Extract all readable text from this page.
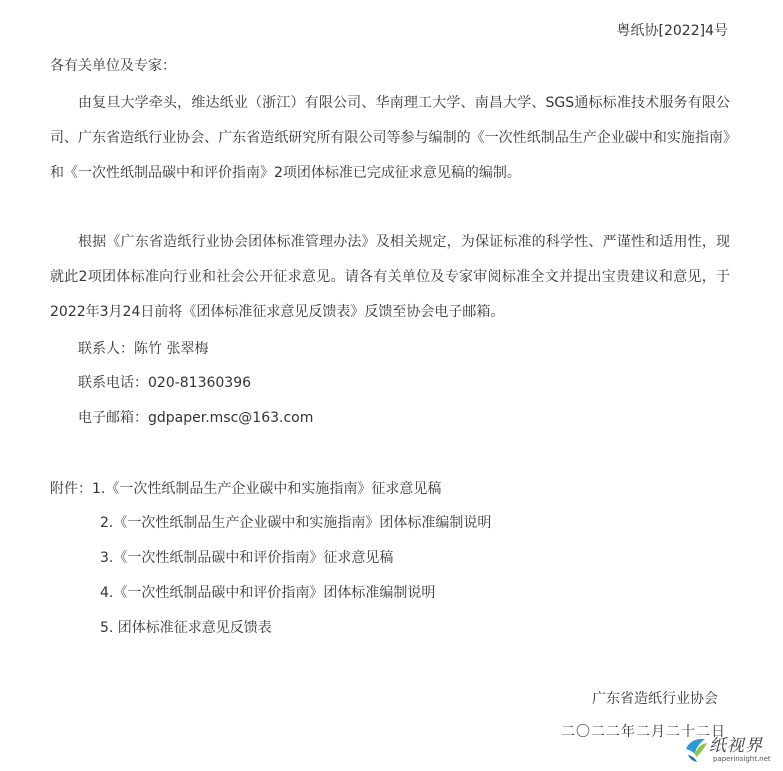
粤纸协[2022]4号
各有关单位及专家：

由复旦大学牵头，维达纸业（浙江）有限公司、华南理工大学、南昌大学、SGS通标标准技术服务有限公司、广东省造纸行业协会、广东省造纸研究所有限公司等参与编制的《一次性纸制品生产企业碳中和实施指南》和《一次性纸制品碳中和评价指南》2项团体标准已完成征求意见稿的编制。

根据《广东省造纸行业协会团体标准管理办法》及相关规定，为保证标准的科学性、严谨性和适用性，现就此2项团体标准向行业和社会公开征求意见。请各有关单位及专家审阅标准全文并提出宝贵建议和意见，于2022年3月24日前将《团体标准征求意见反馈表》反馈至协会电子邮箱。

联系人：陈竹 张翠梅
联系电话：020-81360396
电子邮箱：gdpaper.msc@163.com
附件：1.《一次性纸制品生产企业碳中和实施指南》征求意见稿
2.《一次性纸制品生产企业碳中和实施指南》团体标准编制说明
3.《一次性纸制品碳中和评价指南》征求意见稿
4.《一次性纸制品碳中和评价指南》团体标准编制说明
5. 团体标准征求意见反馈表
广东省造纸行业协会
二〇二二年二月二十二日
纸视界
paperinsight.net
